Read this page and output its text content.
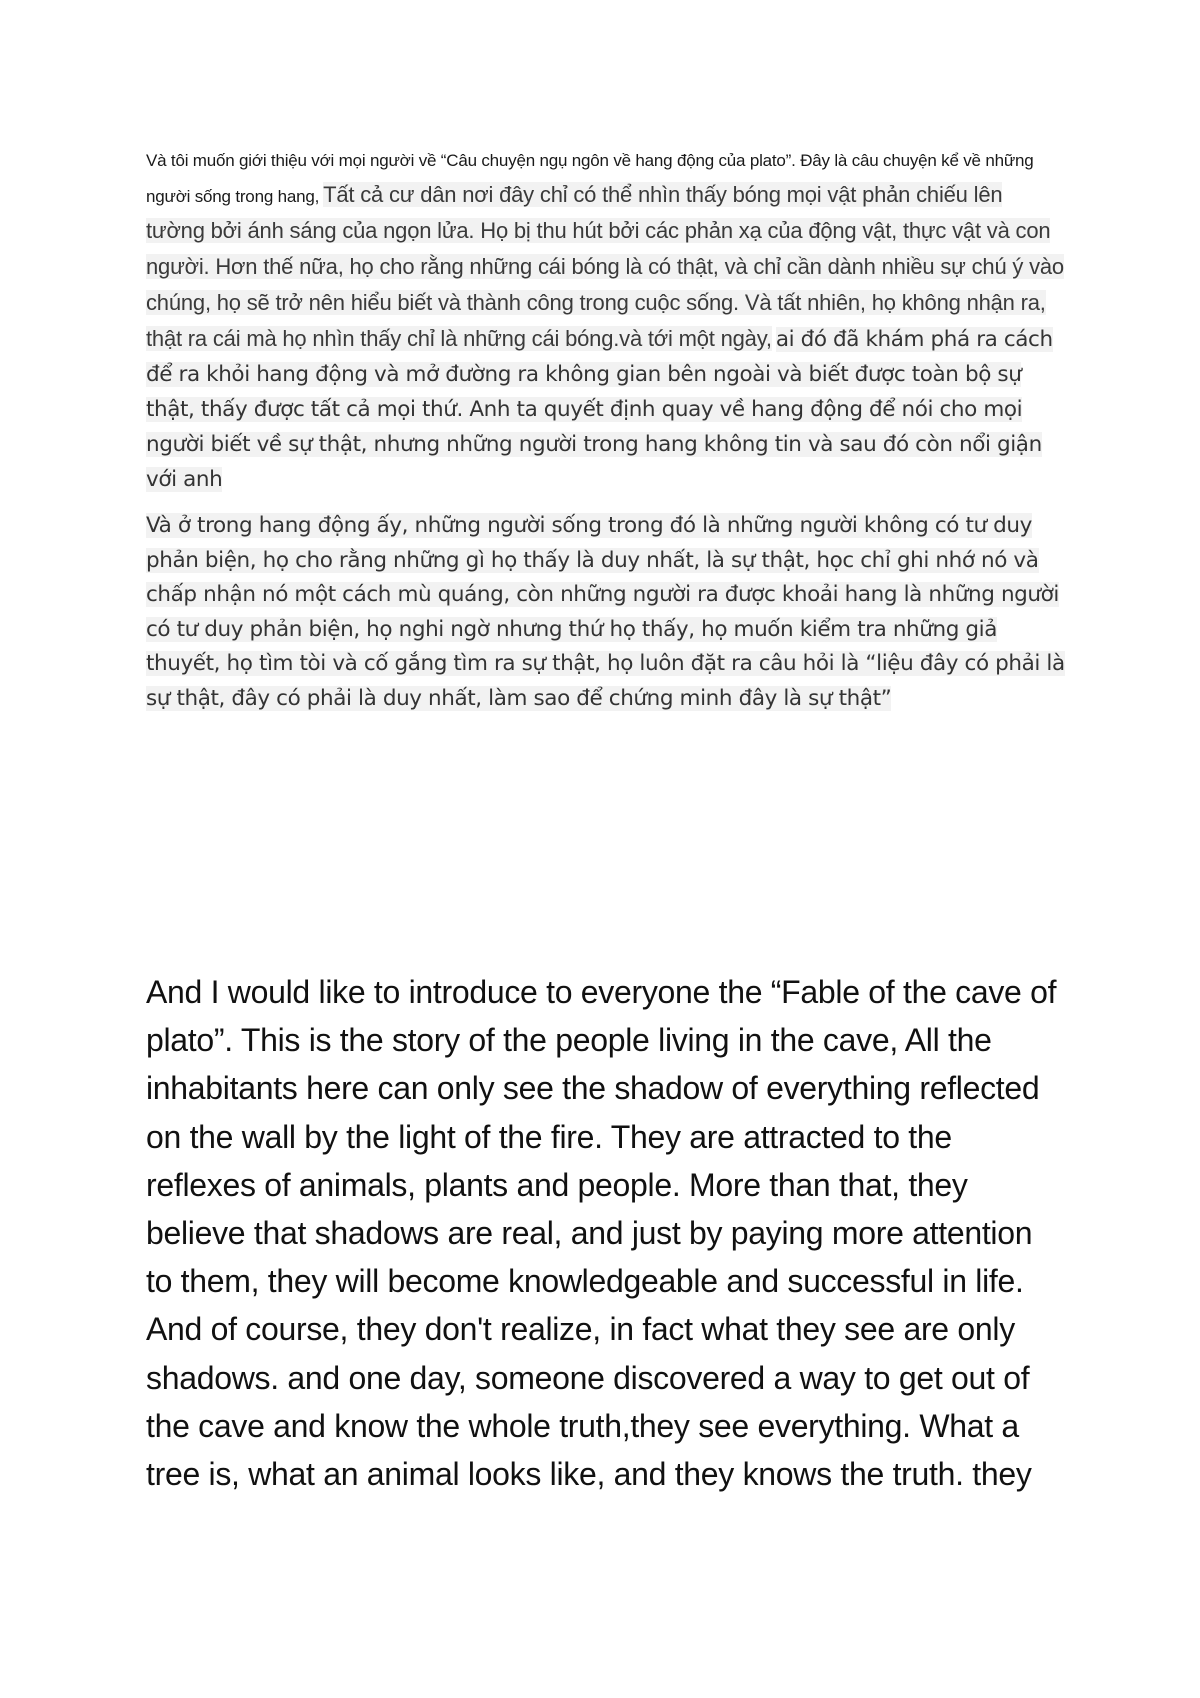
Và tôi muốn giới thiệu với mọi người về “Câu chuyện ngụ ngôn về hang động của plato”. Đây là câu chuyện kể về những người sống trong hang, Tất cả cư dân nơi đây chỉ có thể nhìn thấy bóng mọi vật phản chiếu lên tường bởi ánh sáng của ngọn lửa. Họ bị thu hút bởi các phản xạ của động vật, thực vật và con người. Hơn thế nữa, họ cho rằng những cái bóng là có thật, và chỉ cần dành nhiều sự chú ý vào chúng, họ sẽ trở nên hiểu biết và thành công trong cuộc sống. Và tất nhiên, họ không nhận ra, thật ra cái mà họ nhìn thấy chỉ là những cái bóng.và tới một ngày, ai đó đã khám phá ra cách để ra khỏi hang động và mở đường ra không gian bên ngoài và biết được toàn bộ sự thật, thấy được tất cả mọi thứ. Anh ta quyết định quay về hang động để nói cho mọi người biết về sự thật, nhưng những người trong hang không tin và sau đó còn nổi giận với anh

Và ở trong hang động ấy, những người sống trong đó là những người không có tư duy phản biện, họ cho rằng những gì họ thấy là duy nhất, là sự thật, học chỉ ghi nhớ nó và chấp nhận nó một cách mù quáng, còn những người ra được khoải hang là những người có tư duy phản biện, họ nghi ngờ nhưng thứ họ thấy, họ muốn kiểm tra những giả thuyết, họ tìm tòi và cố gắng tìm ra sự thật, họ luôn đặt ra câu hỏi là “liệu đây có phải là sự thật, đây có phải là duy nhất, làm sao để chứng minh đây là sự thật”

And I would like to introduce to everyone the “Fable of the cave of plato”. This is the story of the people living in the cave, All the inhabitants here can only see the shadow of everything reflected on the wall by the light of the fire. They are attracted to the reflexes of animals, plants and people. More than that, they believe that shadows are real, and just by paying more attention to them, they will become knowledgeable and successful in life. And of course, they don't realize, in fact what they see are only shadows. and one day, someone discovered a way to get out of the cave and know the whole truth,they see everything. What a tree is, what an animal looks like, and they knows the truth. they
